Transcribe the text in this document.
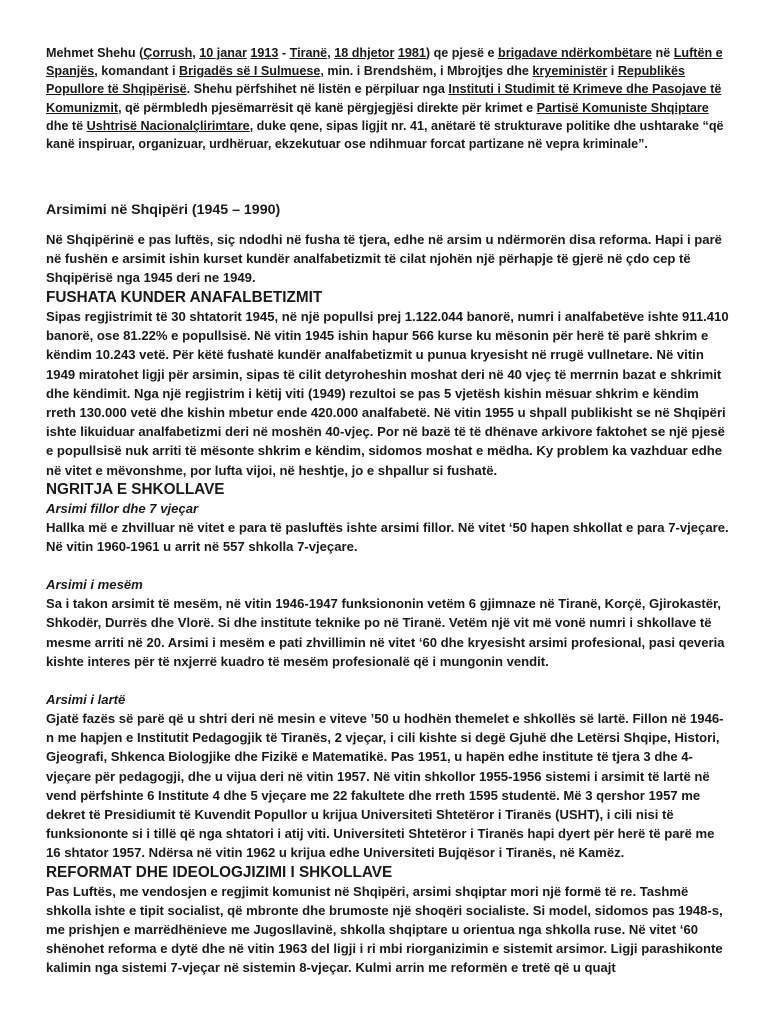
Mehmet Shehu (Çorrush, 10 janar 1913 - Tiranë, 18 dhjetor 1981) qe pjesë e brigadave ndërkombëtare në Luftën e Spanjës, komandant i Brigadës së I Sulmuese, min. i Brendshëm, i Mbrojtjes dhe kryeministër i Republikës Popullore të Shqipërisë. Shehu përfshihet në listën e përpiluar nga Instituti i Studimit të Krimeve dhe Pasojave të Komunizmit, që përmbledh pjesëmarrësit që kanë përgjegjësi direkte për krimet e Partisë Komuniste Shqiptare dhe të Ushtrisë Nacionalçlirimtare, duke qene, sipas ligjit nr. 41, anëtarë të strukturave politike dhe ushtarake “që kanë inspiruar, organizuar, urdhëruar, ekzekutuar ose ndihmuar forcat partizane në vepra kriminale”.

Arsimimi në Shqipëri (1945 – 1990)

Në Shqipërinë e pas luftës, siç ndodhi në fusha të tjera, edhe në arsim u ndërmorën disa reforma. Hapi i parë në fushën e arsimit ishin kurset kundër analfabetizmit të cilat njohën një përhapje të gjerë në çdo cep të Shqipërisë nga 1945 deri ne 1949.

FUSHATA KUNDER ANAFALBETIZMIT

Sipas regjistrimit të 30 shtatorit 1945, në një popullsi prej 1.122.044 banorë, numri i analfabetëve ishte 911.410 banorë, ose 81.22% e popullsisë. Në vitin 1945 ishin hapur 566 kurse ku mësonin për herë të parë shkrim e këndim 10.243 vetë. Për këtë fushatë kundër analfabetizmit u punua kryesisht në rrugë vullnetare. Në vitin 1949 miratohet ligji për arsimin, sipas të cilit detyroheshin moshat deri në 40 vjeç të merrnin bazat e shkrimit dhe këndimit. Nga një regjistrim i këtij viti (1949) rezultoi se pas 5 vjetësh kishin mësuar shkrim e këndim rreth 130.000 vetë dhe kishin mbetur ende 420.000 analfabetë. Në vitin 1955 u shpall publikisht se në Shqipëri ishte likuiduar analfabetizmi deri në moshën 40-vjeç. Por në bazë të të dhënave arkivore faktohet se një pjesë e popullsisë nuk arriti të mësonte shkrim e këndim, sidomos moshat e mëdha. Ky problem ka vazhduar edhe në vitet e mëvonshme, por lufta vijoi, në heshtje, jo e shpallur si fushatë.

NGRITJA E SHKOLLAVE

Arsimi fillor dhe 7 vjeçar

Hallka më e zhvilluar në vitet e para të pasluftës ishte arsimi fillor. Në vitet ‘50 hapen shkollat e para 7-vjeçare. Në vitin 1960-1961 u arrit në 557 shkolla 7-vjeçare.

Arsimi i mesëm

Sa i takon arsimit të mesëm, në vitin 1946-1947 funksiononin vetëm 6 gjimnaze në Tiranë, Korçë, Gjirokastër, Shkodër, Durrës dhe Vlorë. Si dhe institute teknike po në Tiranë. Vetëm një vit më vonë numri i shkollave të mesme arriti në 20. Arsimi i mesëm e pati zhvillimin në vitet ‘60 dhe kryesisht arsimi profesional, pasi qeveria kishte interes për të nxjerrë kuadro të mesëm profesionalë që i mungonin vendit.

Arsimi i lartë

Gjatë fazës së parë që u shtri deri në mesin e viteve ’50 u hodhën themelet e shkollës së lartë. Fillon në 1946-n me hapjen e Institutit Pedagogjik të Tiranës, 2 vjeçar, i cili kishte si degë Gjuhë dhe Letërsi Shqipe, Histori, Gjeografi, Shkenca Biologjike dhe Fizikë e Matematikë. Pas 1951, u hapën edhe institute të tjera 3 dhe 4- vjeçare për pedagogji, dhe u vijua deri në vitin 1957. Në vitin shkollor 1955-1956 sistemi i arsimit të lartë në vend përfshinte 6 Institute 4 dhe 5 vjeçare me 22 fakultete dhe rreth 1595 studentë. Më 3 qershor 1957 me dekret të Presidiumit të Kuvendit Popullor u krijua Universiteti Shtetëror i Tiranës (USHT), i cili nisi të funksiononte si i tillë që nga shtatori i atij viti. Universiteti Shtetëror i Tiranës hapi dyert për herë të parë me 16 shtator 1957. Ndërsa në vitin 1962 u krijua edhe Universiteti Bujqësor i Tiranës, në Kamëz.

REFORMAT DHE IDEOLOGJIZIMI I SHKOLLAVE

Pas Luftës, me vendosjen e regjimit komunist në Shqipëri, arsimi shqiptar mori një formë të re. Tashmë shkolla ishte e tipit socialist, që mbronte dhe brumoste një shoqëri socialiste. Si model, sidomos pas 1948-s, me prishjen e marrëdhënieve me Jugosllavinë, shkolla shqiptare u orientua nga shkolla ruse. Në vitet ‘60 shënohet reforma e dytë dhe në vitin 1963 del ligji i ri mbi riorganizimin e sistemit arsimor. Ligji parashikonte kalimin nga sistemi 7-vjeçar në sistemin 8-vjeçar. Kulmi arrin me reformën e tretë që u quajt
